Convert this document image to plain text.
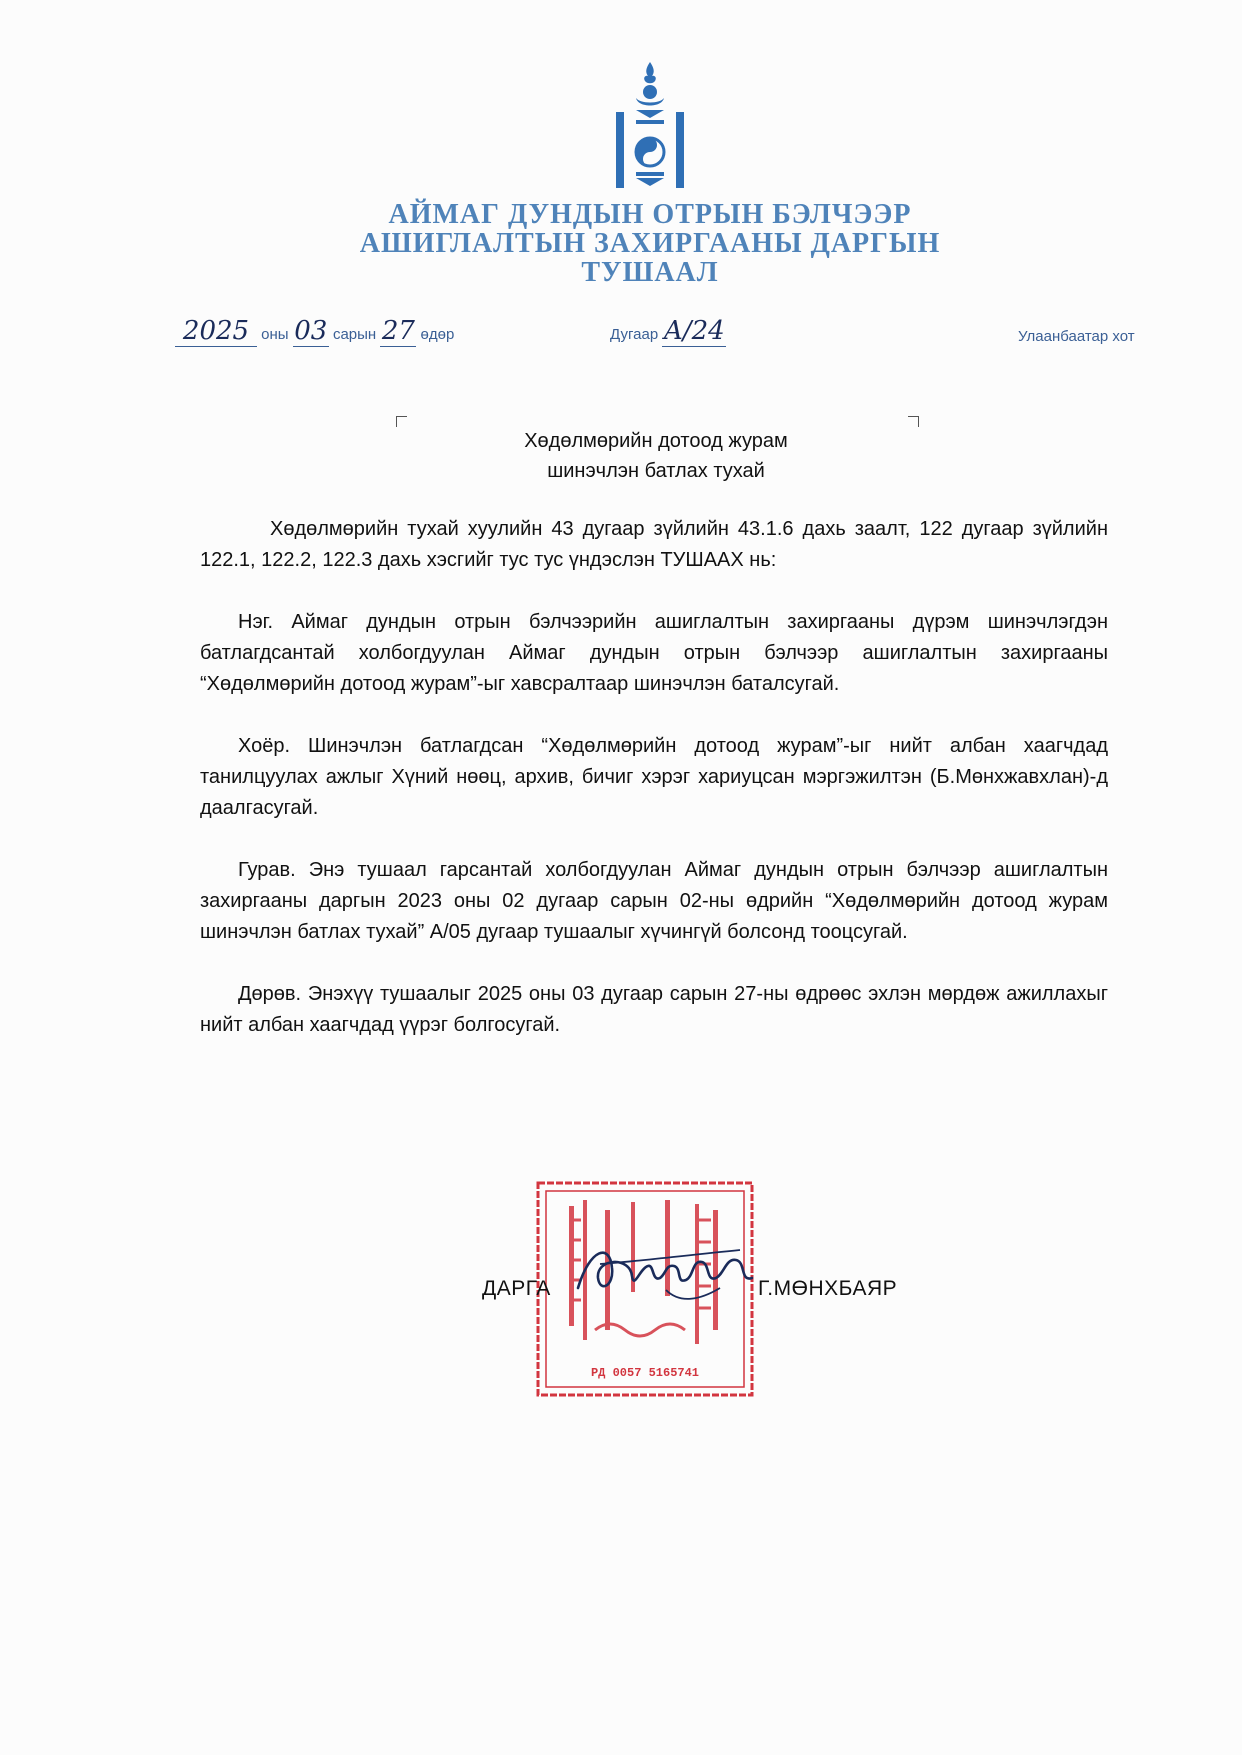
АЙМАГ ДУНДЫН ОТРЫН БЭЛЧЭЭР
АШИГЛАЛТЫН ЗАХИРГААНЫ ДАРГЫН
ТУШААЛ
2025 оны 03 сарын 27 өдөр	Дугаар A/24	Улаанбаатар хот
Хөдөлмөрийн дотоод журам
шинэчлэн батлах тухай

Хөдөлмөрийн тухай хуулийн 43 дугаар зүйлийн 43.1.6 дахь заалт, 122 дугаар зүйлийн 122.1, 122.2, 122.3 дахь хэсгийг тус тус үндэслэн ТУШААХ нь:

Нэг. Аймаг дундын отрын бэлчээрийн ашиглалтын захиргааны дүрэм шинэчлэгдэн батлагдсантай холбогдуулан Аймаг дундын отрын бэлчээр ашиглалтын захиргааны “Хөдөлмөрийн дотоод журам”-ыг хавсралтаар шинэчлэн баталсугай.

Хоёр. Шинэчлэн батлагдсан “Хөдөлмөрийн дотоод журам”-ыг нийт албан хаагчдад танилцуулах ажлыг Хүний нөөц, архив, бичиг хэрэг хариуцсан мэргэжилтэн (Б.Мөнхжавхлан)-д даалгасугай.

Гурав. Энэ тушаал гарсантай холбогдуулан Аймаг дундын отрын бэлчээр ашиглалтын захиргааны даргын 2023 оны 02 дугаар сарын 02-ны өдрийн “Хөдөлмөрийн дотоод журам шинэчлэн батлах тухай” А/05 дугаар тушаалыг хүчингүй болсонд тооцсугай.

Дөрөв. Энэхүү тушаалыг 2025 оны 03 дугаар сарын 27-ны өдрөөс эхлэн мөрдөж ажиллахыг нийт албан хаагчдад үүрэг болгосугай.

РД 0057 5165741
ДАРГА	Г.МӨНХБАЯР
